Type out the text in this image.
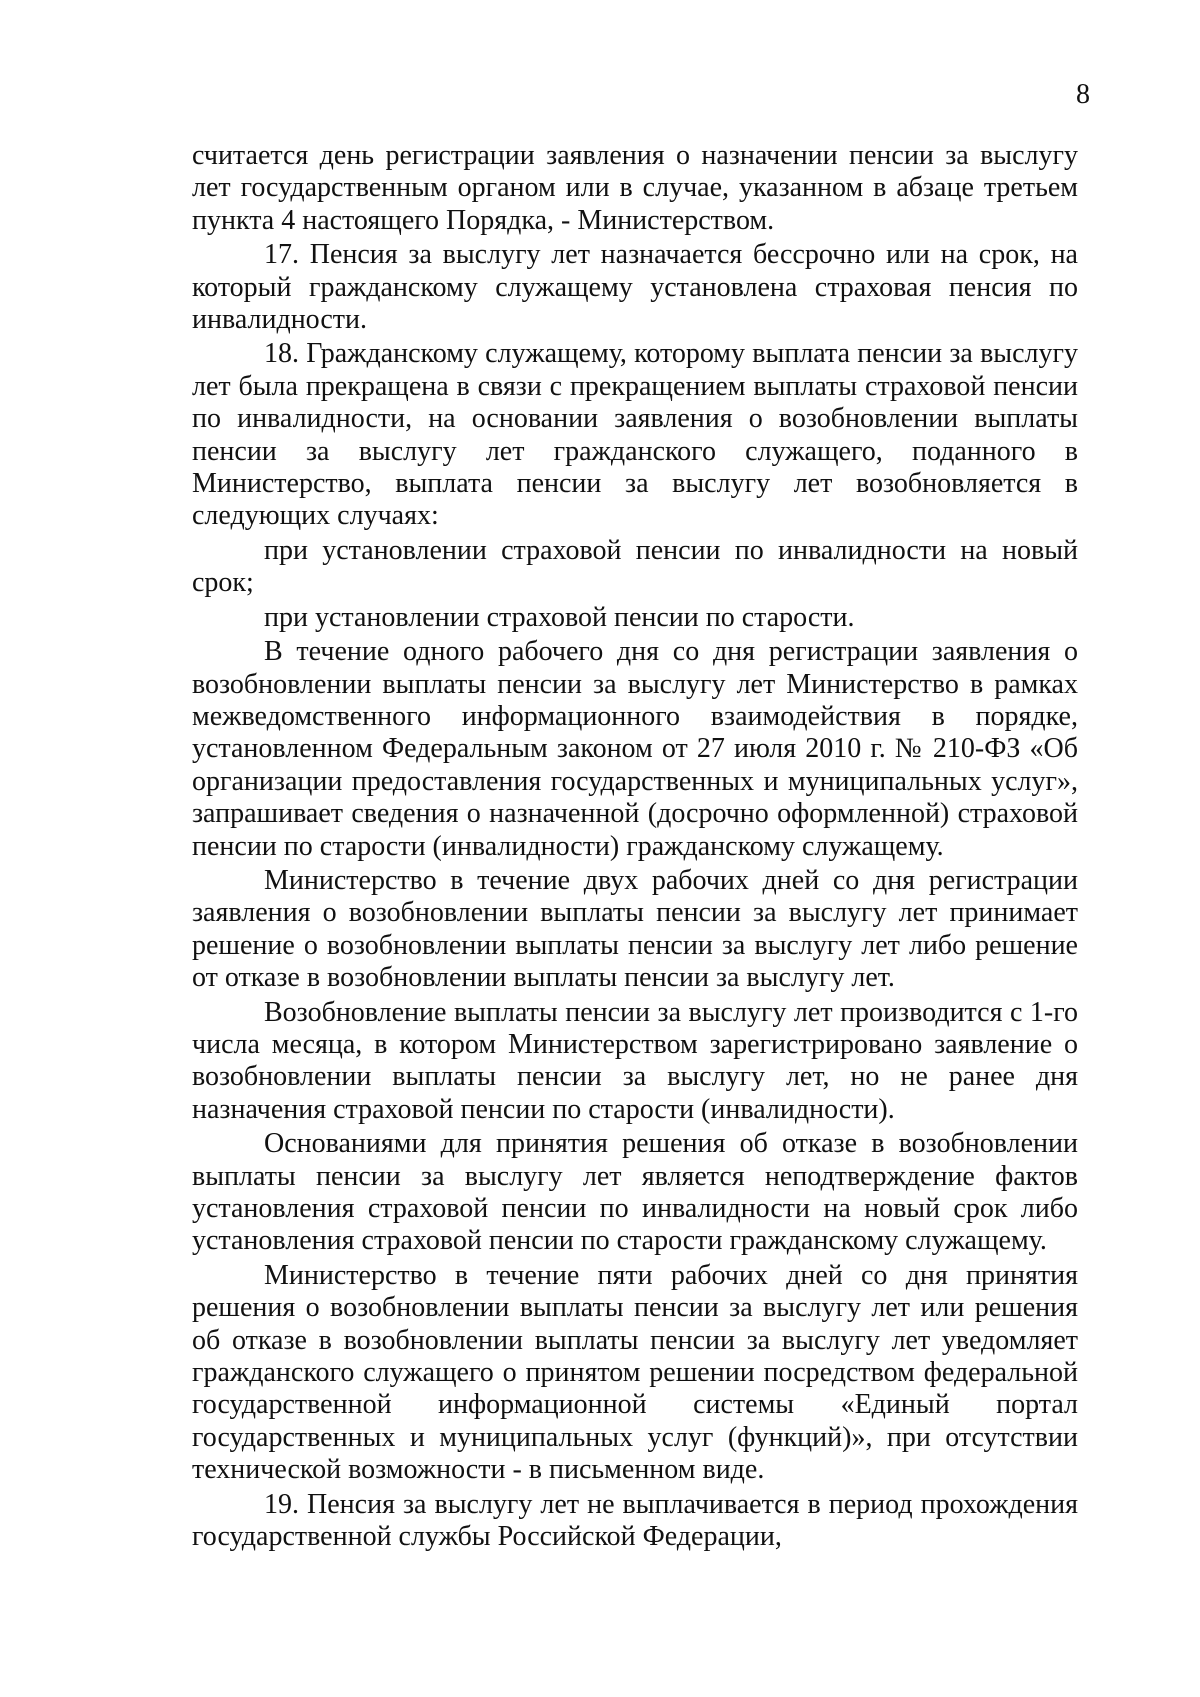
8

считается день регистрации заявления о назначении пенсии за выслугу лет государственным органом или в случае, указанном в абзаце третьем пункта 4 настоящего Порядка, - Министерством.

17. Пенсия за выслугу лет назначается бессрочно или на срок, на который гражданскому служащему установлена страховая пенсия по инвалидности.

18. Гражданскому служащему, которому выплата пенсии за выслугу лет была прекращена в связи с прекращением выплаты страховой пенсии по инвалидности, на основании заявления о возобновлении выплаты пенсии за выслугу лет гражданского служащего, поданного в Министерство, выплата пенсии за выслугу лет возобновляется в следующих случаях:

при установлении страховой пенсии по инвалидности на новый срок;

при установлении страховой пенсии по старости.

В течение одного рабочего дня со дня регистрации заявления о возобновлении выплаты пенсии за выслугу лет Министерство в рамках межведомственного информационного взаимодействия в порядке, установленном Федеральным законом от 27 июля 2010 г. № 210-ФЗ «Об организации предоставления государственных и муниципальных услуг», запрашивает сведения о назначенной (досрочно оформленной) страховой пенсии по старости (инвалидности) гражданскому служащему.

Министерство в течение двух рабочих дней со дня регистрации заявления о возобновлении выплаты пенсии за выслугу лет принимает решение о возобновлении выплаты пенсии за выслугу лет либо решение от отказе в возобновлении выплаты пенсии за выслугу лет.

Возобновление выплаты пенсии за выслугу лет производится с 1-го числа месяца, в котором Министерством зарегистрировано заявление о возобновлении выплаты пенсии за выслугу лет, но не ранее дня назначения страховой пенсии по старости (инвалидности).

Основаниями для принятия решения об отказе в возобновлении выплаты пенсии за выслугу лет является неподтверждение фактов установления страховой пенсии по инвалидности на новый срок либо установления страховой пенсии по старости гражданскому служащему.

Министерство в течение пяти рабочих дней со дня принятия решения о возобновлении выплаты пенсии за выслугу лет или решения об отказе в возобновлении выплаты пенсии за выслугу лет уведомляет гражданского служащего о принятом решении посредством федеральной государственной информационной системы «Единый портал государственных и муниципальных услуг (функций)», при отсутствии технической возможности - в письменном виде.

19. Пенсия за выслугу лет не выплачивается в период прохождения государственной службы Российской Федерации,
